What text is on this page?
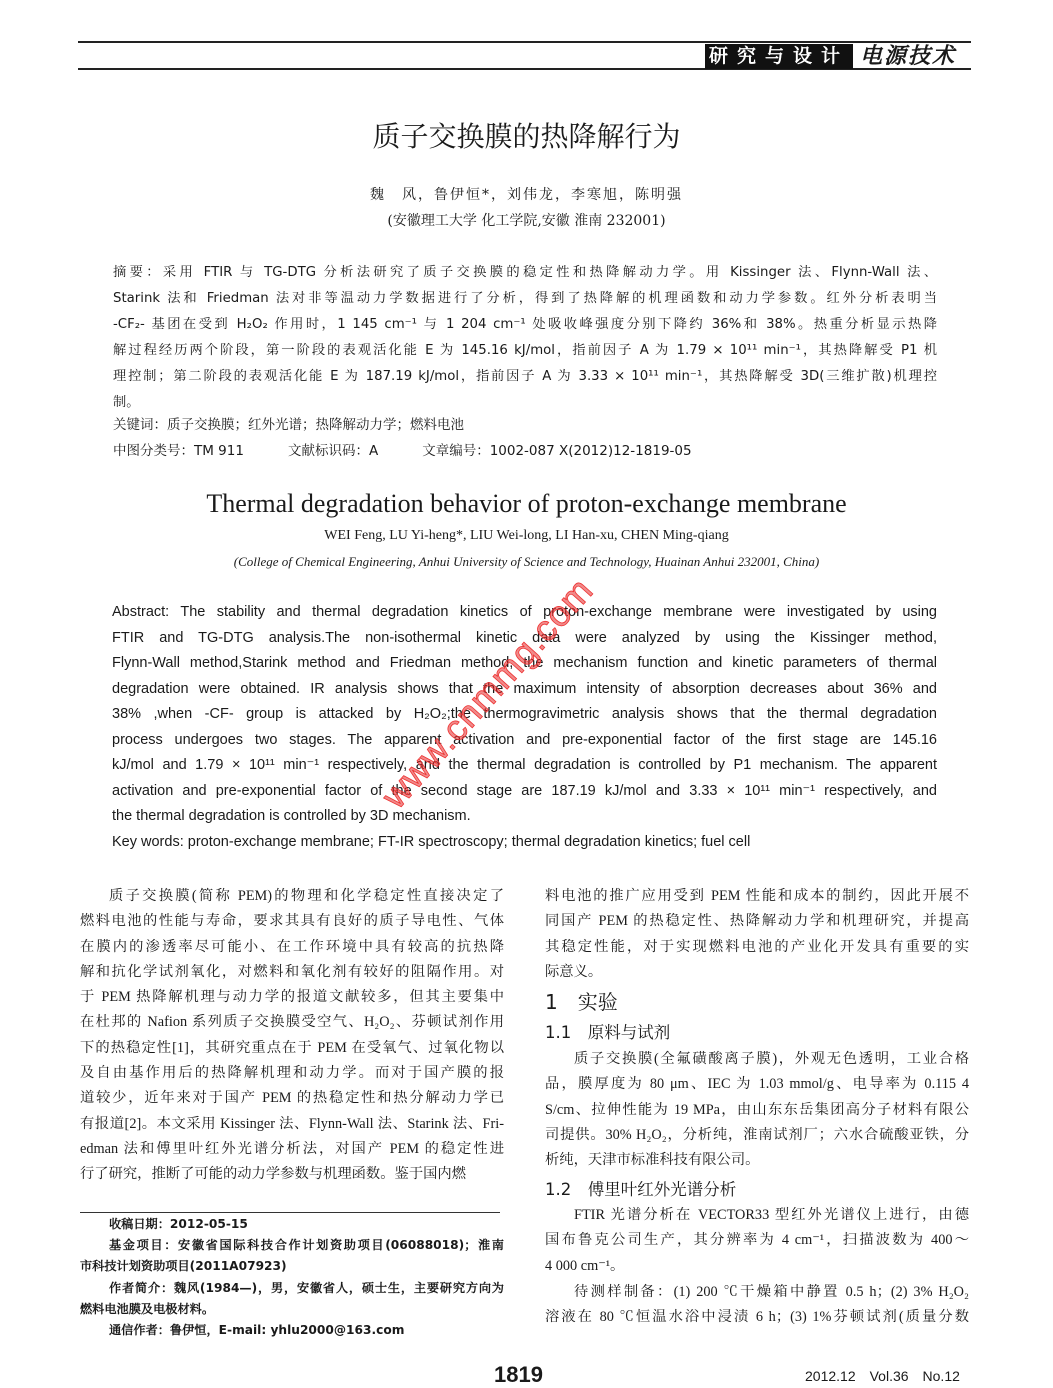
研究与设计 电源技术
质子交换膜的热降解行为
魏　风，鲁伊恒*，刘伟龙，李寒旭，陈明强
(安徽理工大学 化工学院,安徽 淮南 232001)
摘要：采用 FTIR 与 TG-DTG 分析法研究了质子交换膜的稳定性和热降解动力学。用 Kissinger 法、Flynn-Wall 法、
Starink 法和 Friedman 法对非等温动力学数据进行了分析，得到了热降解的机理函数和动力学参数。红外分析表明当
-CF₂- 基团在受到 H₂O₂ 作用时，1 145 cm⁻¹ 与 1 204 cm⁻¹ 处吸收峰强度分别下降约 36%和 38%。热重分析显示热降
解过程经历两个阶段，第一阶段的表观活化能 E 为 145.16 kJ/mol，指前因子 A 为 1.79 × 10¹¹ min⁻¹，其热降解受 P1 机
理控制；第二阶段的表观活化能 E 为 187.19 kJ/mol，指前因子 A 为 3.33 × 10¹¹ min⁻¹，其热降解受 3D(三维扩散)机理控
制。
关键词：质子交换膜；红外光谱；热降解动力学；燃料电池
中图分类号：TM 911	文献标识码：A	文章编号：1002-087 X(2012)12-1819-05
Thermal degradation behavior of proton-exchange membrane
WEI Feng, LU Yi-heng*, LIU Wei-long, LI Han-xu, CHEN Ming-qiang
(College of Chemical Engineering, Anhui University of Science and Technology, Huainan Anhui 232001, China)
Abstract: The stability and thermal degradation kinetics of proton-exchange membrane were investigated by using
FTIR and TG-DTG analysis.The non-isothermal kinetic data were analyzed by using the Kissinger method,
Flynn-Wall method,Starink method and Friedman method, the mechanism function and kinetic parameters of thermal
degradation were obtained. IR analysis shows that the maximum intensity of absorption decreases about 36% and
38% ,when -CF- group is attacked by H₂O₂;the thermogravimetric analysis shows that the thermal degradation
process undergoes two stages. The apparent activation and pre-exponential factor of the first stage are 145.16
kJ/mol and 1.79 × 10¹¹ min⁻¹ respectively, and the thermal degradation is controlled by P1 mechanism. The apparent
activation and pre-exponential factor of the second stage are 187.19 kJ/mol and 3.33 × 10¹¹ min⁻¹ respectively, and
the thermal degradation is controlled by 3D mechanism.
Key words: proton-exchange membrane; FT-IR spectroscopy; thermal degradation kinetics; fuel cell
质子交换膜(简称 PEM)的物理和化学稳定性直接决定了
燃料电池的性能与寿命，要求其具有良好的质子导电性、气体
在膜内的渗透率尽可能小、在工作环境中具有较高的抗热降
解和抗化学试剂氧化，对燃料和氧化剂有较好的阻隔作用。对
于 PEM 热降解机理与动力学的报道文献较多，但其主要集中
在杜邦的 Nafion 系列质子交换膜受空气、H₂O₂、芬顿试剂作用
下的热稳定性[1]，其研究重点在于 PEM 在受氧气、过氧化物以
及自由基作用后的热降解机理和动力学。而对于国产膜的报
道较少，近年来对于国产 PEM 的热稳定性和热分解动力学已
有报道[2]。本文采用 Kissinger 法、Flynn-Wall 法、Starink 法、Fri-
edman 法和傅里叶红外光谱分析法，对国产 PEM 的稳定性进
行了研究，推断了可能的动力学参数与机理函数。鉴于国内燃
料电池的推广应用受到 PEM 性能和成本的制约，因此开展不
同国产 PEM 的热稳定性、热降解动力学和机理研究，并提高
其稳定性能，对于实现燃料电池的产业化开发具有重要的实
际意义。
1　实验
1.1　原料与试剂
质子交换膜(全氟磺酸离子膜)，外观无色透明，工业合格
品，膜厚度为 80 μm、IEC 为 1.03 mmol/g、电导率为 0.115 4
S/cm、拉伸性能为 19 MPa，由山东东岳集团高分子材料有限公
司提供。30% H₂O₂，分析纯，淮南试剂厂；六水合硫酸亚铁，分
析纯，天津市标准科技有限公司。
1.2　傅里叶红外光谱分析
FTIR 光谱分析在 VECTOR33 型红外光谱仪上进行，由德
国布鲁克公司生产，其分辨率为 4 cm⁻¹，扫描波数为 400～
4 000 cm⁻¹。
待测样制备：(1) 200 ℃干燥箱中静置 0.5 h；(2) 3% H₂O₂
溶液在 80 ℃恒温水浴中浸渍 6 h；(3) 1%芬顿试剂(质量分数
收稿日期：2012-05-15
基金项目：安徽省国际科技合作计划资助项目(06088018)；淮南
市科技计划资助项目(2011A07923)
作者简介：魏风(1984—)，男，安徽省人，硕士生，主要研究方向为
燃料电池膜及电极材料。
通信作者：鲁伊恒，E-mail: yhlu2000@163.com
1819	2012.12　Vol.36　No.12
www.cnmmg.com
